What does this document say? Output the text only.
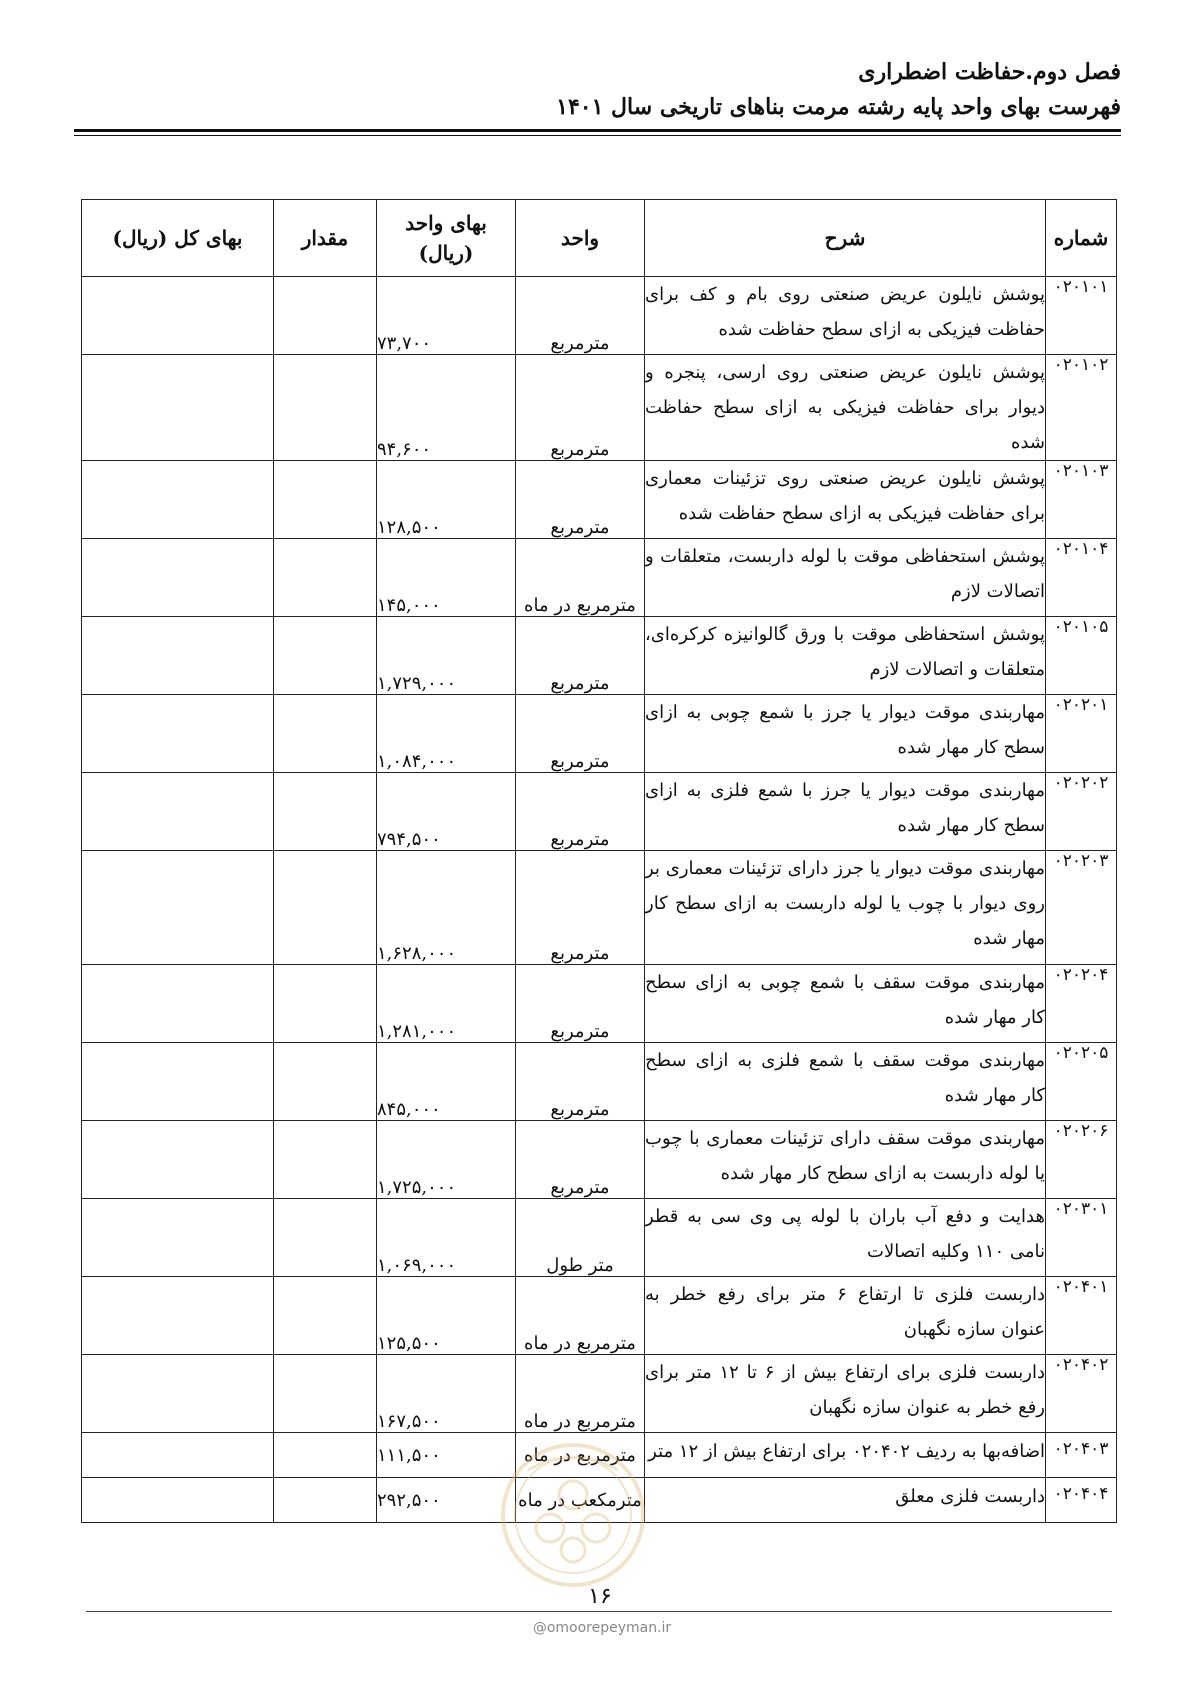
فصل دوم.حفاظت اضطراری
فهرست بهای واحد پایه رشته مرمت بناهای تاریخی سال ۱۴۰۱
شماره	شرح	واحد	بهای واحد (ریال)	مقدار	بهای کل (ریال)
۰۲۰۱۰۱	پوشش نایلون عریض صنعتی روی بام و کف برای حفاظت فیزیکی به ازای سطح حفاظت شده	مترمربع	۷۳,۷۰۰		
۰۲۰۱۰۲	پوشش نایلون عریض صنعتی روی ارسی، پنجره و دیوار برای حفاظت فیزیکی به ازای سطح حفاظت شده	مترمربع	۹۴,۶۰۰		
۰۲۰۱۰۳	پوشش نایلون عریض صنعتی روی تزئینات معماری برای حفاظت فیزیکی به ازای سطح حفاظت شده	مترمربع	۱۲۸,۵۰۰		
۰۲۰۱۰۴	پوشش استحفاظی موقت با لوله داربست، متعلقات و اتصالات لازم	مترمربع در ماه	۱۴۵,۰۰۰		
۰۲۰۱۰۵	پوشش استحفاظی موقت با ورق گالوانیزه کرکره‌ای، متعلقات و اتصالات لازم	مترمربع	۱,۷۲۹,۰۰۰		
۰۲۰۲۰۱	مهاربندی موقت دیوار یا جرز با شمع چوبی به ازای سطح کار مهار شده	مترمربع	۱,۰۸۴,۰۰۰		
۰۲۰۲۰۲	مهاربندی موقت دیوار یا جرز با شمع فلزی به ازای سطح کار مهار شده	مترمربع	۷۹۴,۵۰۰		
۰۲۰۲۰۳	مهاربندی موقت دیوار یا جرز دارای تزئینات معماری بر روی دیوار با چوب یا لوله داربست به ازای سطح کار مهار شده	مترمربع	۱,۶۲۸,۰۰۰		
۰۲۰۲۰۴	مهاربندی موقت سقف با شمع چوبی به ازای سطح کار مهار شده	مترمربع	۱,۲۸۱,۰۰۰		
۰۲۰۲۰۵	مهاربندی موقت سقف با شمع فلزی به ازای سطح کار مهار شده	مترمربع	۸۴۵,۰۰۰		
۰۲۰۲۰۶	مهاربندی موقت سقف دارای تزئینات معماری با چوب یا لوله داربست به ازای سطح کار مهار شده	مترمربع	۱,۷۲۵,۰۰۰		
۰۲۰۳۰۱	هدایت و دفع آب باران با لوله پی وی سی به قطر نامی ۱۱۰ وکلیه اتصالات	متر طول	۱,۰۶۹,۰۰۰		
۰۲۰۴۰۱	داربست فلزی تا ارتفاع ۶ متر برای رفع خطر به عنوان سازه نگهبان	مترمربع در ماه	۱۲۵,۵۰۰		
۰۲۰۴۰۲	داربست فلزی برای ارتفاع بیش از ۶ تا ۱۲ متر برای رفع خطر به عنوان سازه نگهبان	مترمربع در ماه	۱۶۷,۵۰۰		
۰۲۰۴۰۳	اضافه‌بها به ردیف ۰۲۰۴۰۲ برای ارتفاع بیش از ۱۲ متر	مترمربع در ماه	۱۱۱,۵۰۰		
۰۲۰۴۰۴	داربست فلزی معلق	مترمکعب در ماه	۲۹۲,۵۰۰		
۱۶
@omoorepeyman.ir
